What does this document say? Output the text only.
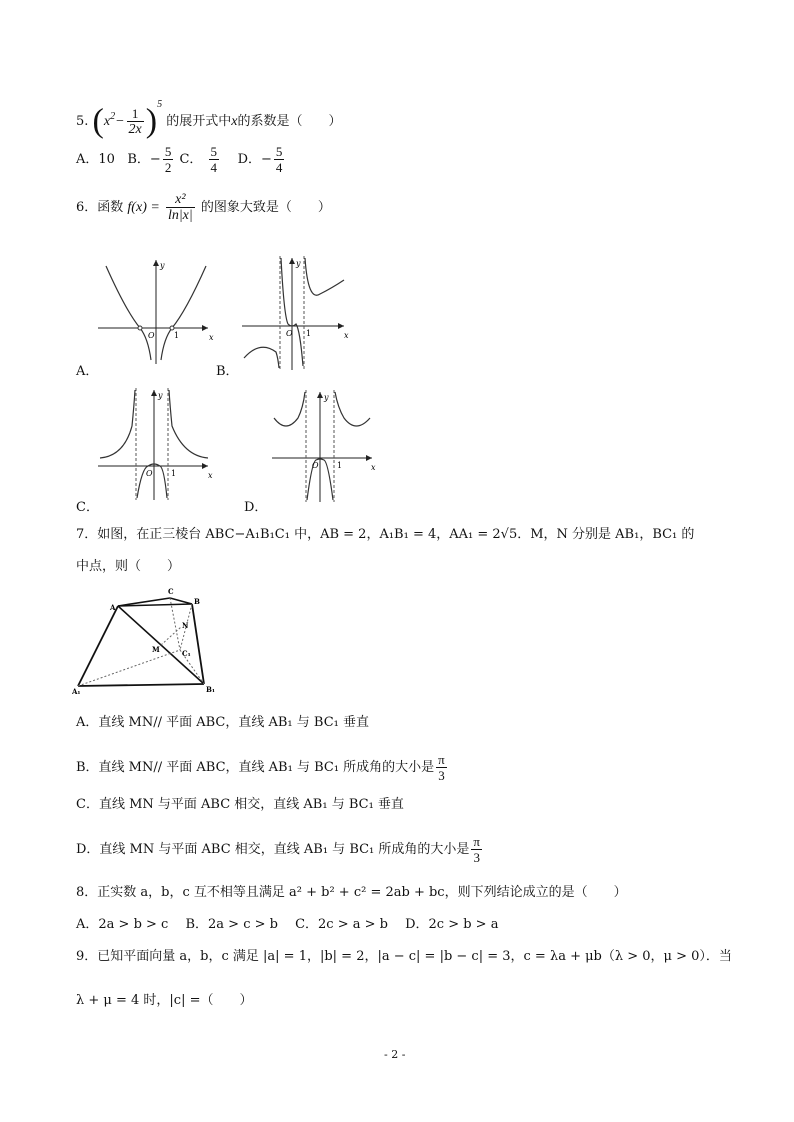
5. $(x^2- \frac{1}{2x} )^5$ 的展开式中x的系数是（　　）
A．10 B．− $\frac{5}{2}$ C． $\frac{5}{4}$ D．− $\frac{5}{4}$
6．函数 $f(x) = \frac{\text{x²}}{\ln|x|}$ 的图象大致是（　　）
y
x
O 1
A．
y
x
O 1
B．
y
x
O 1
C．
y
x
O 1
D．
7．如图，在正三棱台 ABC−A₁B₁C₁ 中，AB = 2，A₁B₁ = 4，AA₁ = 2√5．M，N 分别是 AB₁，BC₁ 的
中点，则（　　）
A
C
B
A₁	B₁
C₁
M
N
A．直线 MN// 平面 ABC，直线 AB₁ 与 BC₁ 垂直
B．直线 MN// 平面 ABC，直线 AB₁ 与 BC₁ 所成角的大小是 $\frac{\pi}{3}$
C．直线 MN 与平面 ABC 相交，直线 AB₁ 与 BC₁ 垂直
D．直线 MN 与平面 ABC 相交，直线 AB₁ 与 BC₁ 所成角的大小是 $\frac{\pi}{3}$
8．正实数 a，b，c 互不相等且满足 a² + b² + c² = 2ab + bc，则下列结论成立的是（　　）
A．2a > b > c　 B．2a > c > b　 C．2c > a > b　 D．2c > b > a
9．已知平面向量 a，b，c 满足 |a| = 1，|b| = 2，|a − c| = |b − c| = 3，c = λa + μb（λ > 0，μ > 0）．当
λ + μ = 4 时，|c| =（　　）
- 2 -
